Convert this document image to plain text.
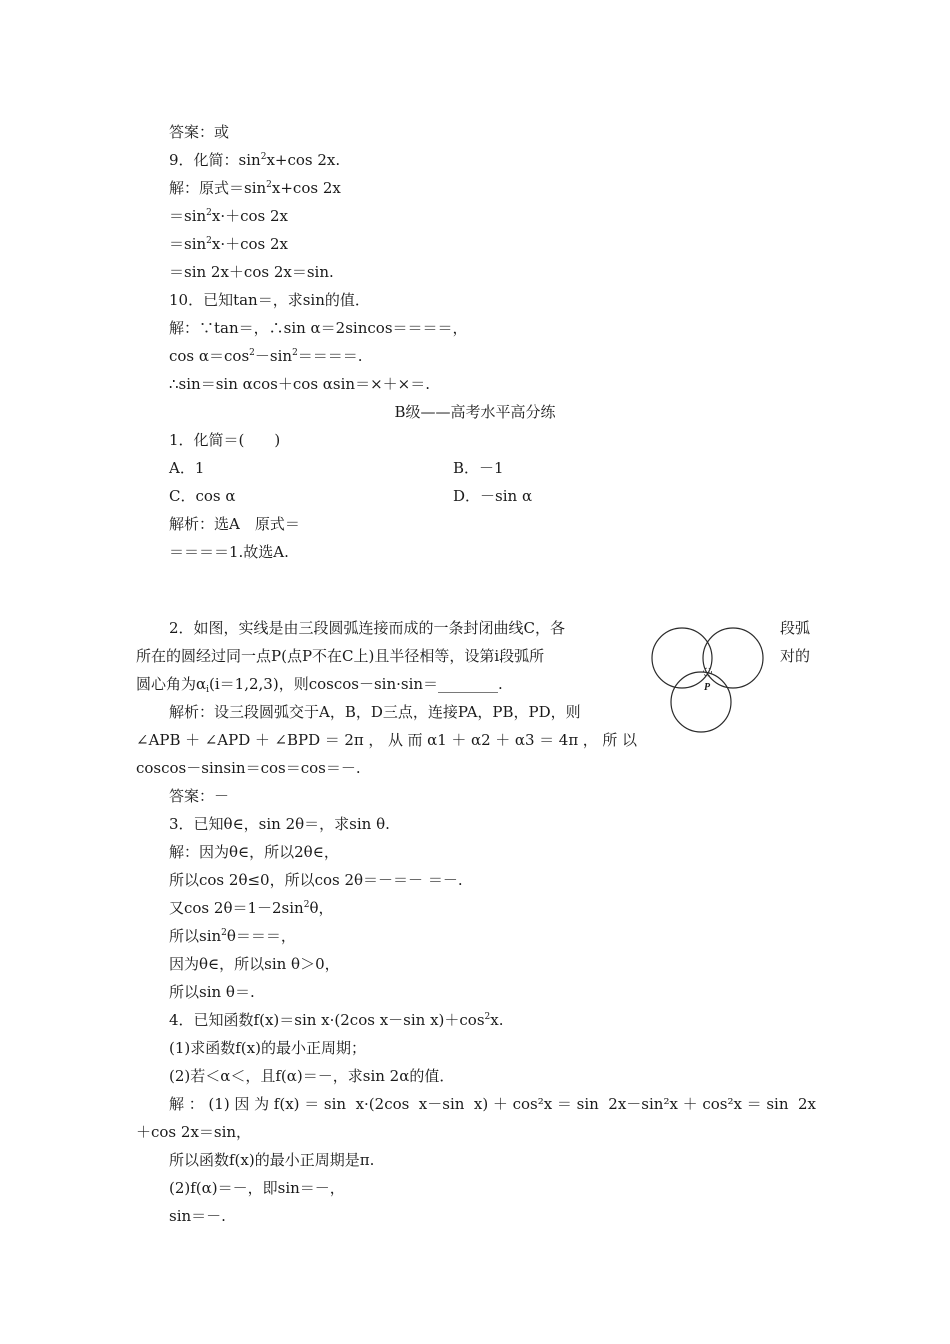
答案：或
9．化简：$\sin^2x+\cos$ 2x.
解：原式$=\sin^2x+\cos$ 2x
$=\sin^2x\cdot+\cos$ 2x
$=\sin^2x\cdot+\cos$ 2x
＝sin 2x＋cos 2x＝sin.
10．已知tan＝，求sin的值．
解：∵tan＝，∴sin α＝2sincos＝＝＝＝，
$\cos \alpha=\cos^2-\sin^2====$.
∴sin＝sin αcos＋cos αsin＝×＋×＝.
B级——高考水平高分练
1．化简＝(　　)
A．1	B．－1
C．cos α	D．－sin α
解析：选A　原式＝
＝＝＝＝1.故选A.
2．如图，实线是由三段圆弧连接而成的一条封闭曲线C，各	段弧
所在的圆经过同一点P(点P不在C上)且半径相等，设第i段弧所	对的
圆心角为$\alpha_i(i=1,2,3)$，则coscos－sin·sin＝________.
解析：设三段圆弧交于A，B，D三点，连接PA，PB，PD，则
∠APB＋∠APD＋∠BPD＝2π，从而α1＋α2＋α3＝4π，所以
coscos－sinsin＝cos＝cos＝－.
答案：－
P
3．已知θ∈，sin 2θ＝，求sin θ.
解：因为θ∈，所以2θ∈，
所以cos 2θ≤0，所以cos 2θ＝－＝－ ＝－.
又$\cos 2\theta=1-2\sin^2\theta$，
所以$\sin^2\theta===$，
因为θ∈，所以sin θ＞0，
所以sin θ＝.
4．已知函数f(x)＝sin x·(2cos x－sin $x)+\cos^2x$.
(1)求函数f(x)的最小正周期；
(2)若＜α＜，且f(α)＝－，求sin 2α的值．
解：(1)因为f(x)＝sin x·(2cos x－sin x)＋cos²x＝sin 2x－sin²x＋cos²x＝sin 2x
＋cos 2x＝sin，
所以函数f(x)的最小正周期是π.
(2)f(α)＝－，即sin＝－，
sin＝－.
